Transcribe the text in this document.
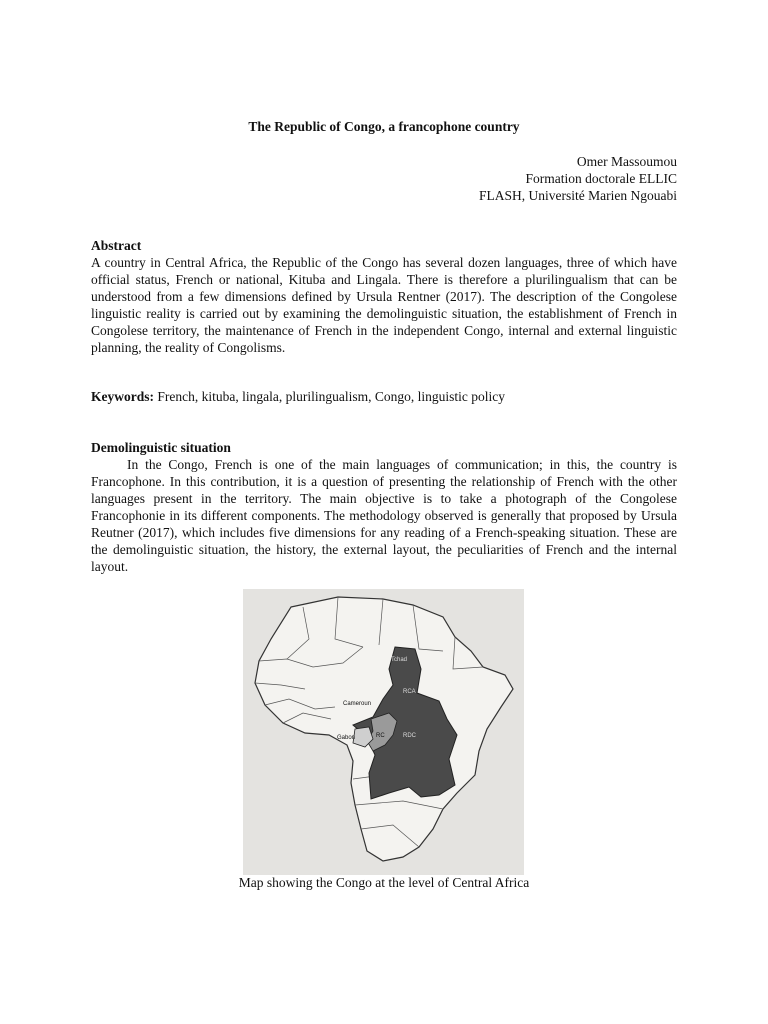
The Republic of Congo, a francophone country
Omer Massoumou
Formation doctorale ELLIC
FLASH, Université Marien Ngouabi
Abstract
A country in Central Africa, the Republic of the Congo has several dozen languages, three of which have official status, French or national, Kituba and Lingala. There is therefore a plurilingualism that can be understood from a few dimensions defined by Ursula Rentner (2017). The description of the Congolese linguistic reality is carried out by examining the demolinguistic situation, the establishment of French in Congolese territory, the maintenance of French in the independent Congo, internal and external linguistic planning, the reality of Congolisms.
Keywords: French, kituba, lingala, plurilingualism, Congo, linguistic policy
Demolinguistic situation

In the Congo, French is one of the main languages of communication; in this, the country is Francophone. In this contribution, it is a question of presenting the relationship of French with the other languages present in the territory. The main objective is to take a photograph of the Congolese Francophonie in its different components. The methodology observed is generally that proposed by Ursula Reutner (2017), which includes five dimensions for any reading of a French-speaking situation. These are the demolinguistic situation, the history, the external layout, the peculiarities of French and the internal layout.

Tchad
Cameroun
RCA
Gabon	RC	RDC
Map showing the Congo at the level of Central Africa
